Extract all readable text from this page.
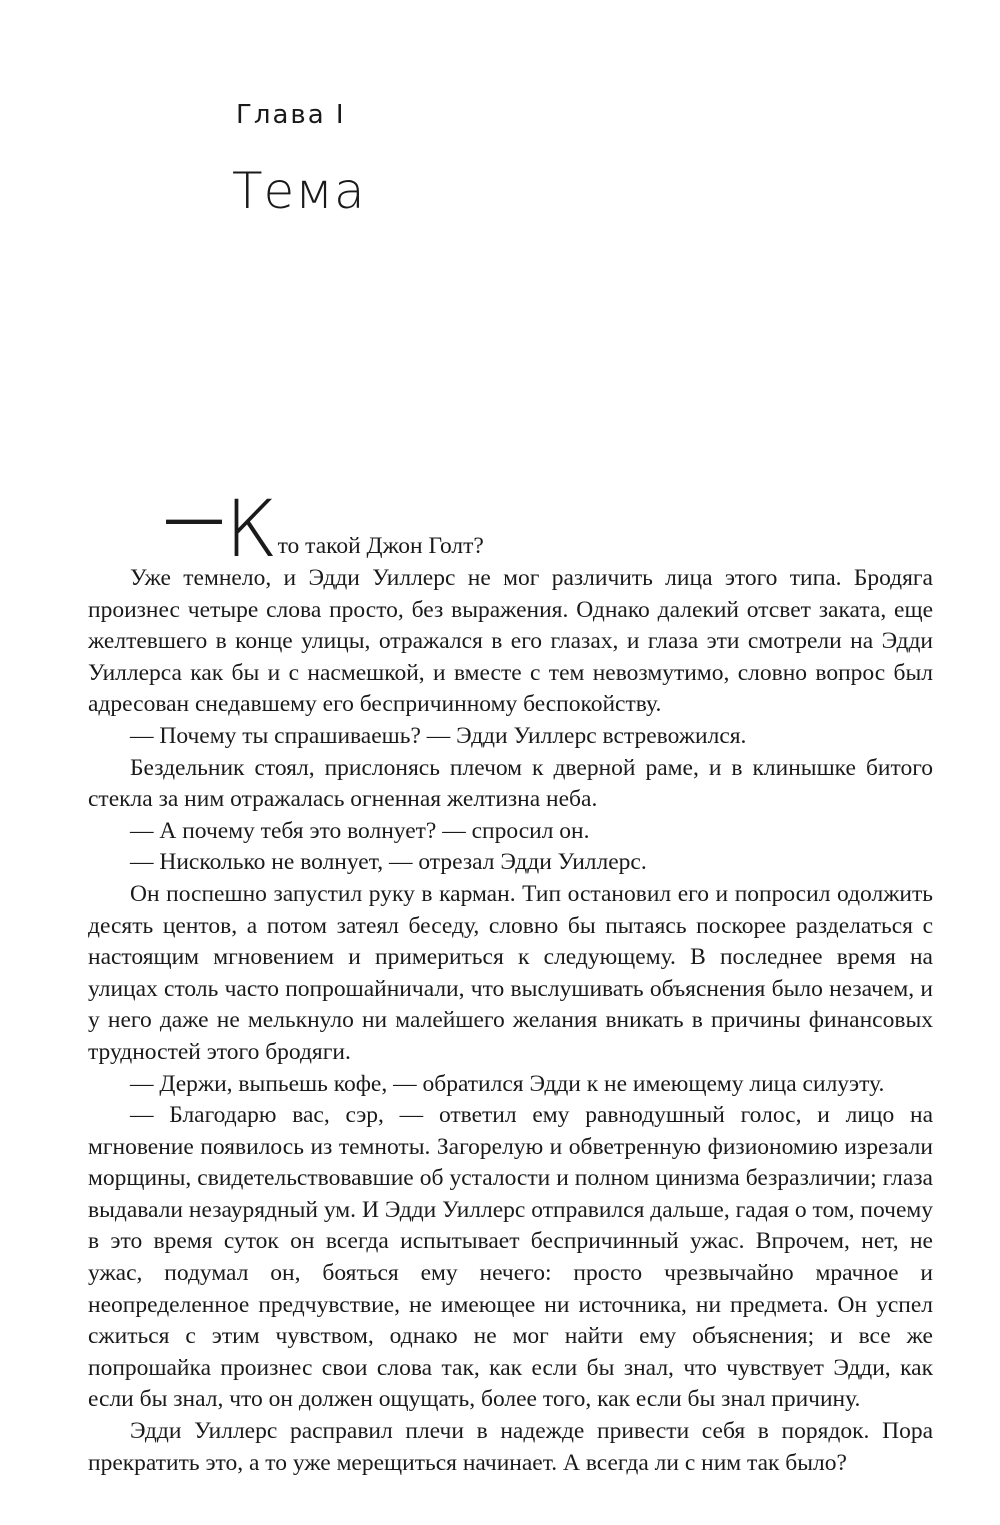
Глава I
Тема
— К то такой Джон Голт?

Уже темнело, и Эдди Уиллерс не мог различить лица этого типа. Бродяга произнес четыре слова просто, без выражения. Однако далекий отсвет заката, еще желтевшего в конце улицы, отражался в его глазах, и глаза эти смотрели на Эдди Уиллерса как бы и с насмешкой, и вместе с тем невозмутимо, словно вопрос был адресован снедавшему его беспричинному беспокойству.

— Почему ты спрашиваешь? — Эдди Уиллерс встревожился.

Бездельник стоял, прислонясь плечом к дверной раме, и в клинышке битого стекла за ним отражалась огненная желтизна неба.

— А почему тебя это волнует? — спросил он.

— Нисколько не волнует, — отрезал Эдди Уиллерс.

Он поспешно запустил руку в карман. Тип остановил его и попросил одолжить десять центов, а потом затеял беседу, словно бы пытаясь поскорее разделаться с настоящим мгновением и примериться к следующему. В последнее время на улицах столь часто попрошайничали, что выслушивать объяснения было незачем, и у него даже не мелькнуло ни малейшего желания вникать в причины финансовых трудностей этого бродяги.

— Держи, выпьешь кофе, — обратился Эдди к не имеющему лица силуэту.

— Благодарю вас, сэр, — ответил ему равнодушный голос, и лицо на мгновение появилось из темноты. Загорелую и обветренную физиономию изрезали морщины, свидетельствовавшие об усталости и полном цинизма безразличии; глаза выдавали незаурядный ум. И Эдди Уиллерс отправился дальше, гадая о том, почему в это время суток он всегда испытывает беспричинный ужас. Впрочем, нет, не ужас, подумал он, бояться ему нечего: просто чрезвычайно мрачное и неопределенное предчувствие, не имеющее ни источника, ни предмета. Он успел сжиться с этим чувством, однако не мог найти ему объяснения; и все же попрошайка произнес свои слова так, как если бы знал, что чувствует Эдди, как если бы знал, что он должен ощущать, более того, как если бы знал причину.

Эдди Уиллерс расправил плечи в надежде привести себя в порядок. Пора прекратить это, а то уже мерещиться начинает. А всегда ли с ним так было?
